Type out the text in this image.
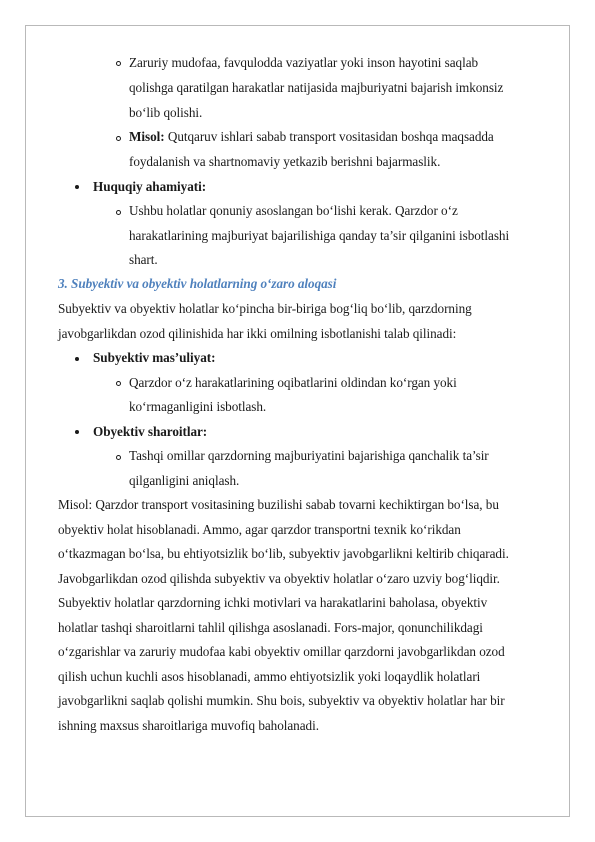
Zaruriy mudofaa, favqulodda vaziyatlar yoki inson hayotini saqlab
qolishga qaratilgan harakatlar natijasida majburiyatni bajarish imkonsiz
bo‘lib qolishi.
Misol: Qutqaruv ishlari sabab transport vositasidan boshqa maqsadda
foydalanish va shartnomaviy yetkazib berishni bajarmaslik.
Huquqiy ahamiyati:
Ushbu holatlar qonuniy asoslangan bo‘lishi kerak. Qarzdor o‘z
harakatlarining majburiyat bajarilishiga qanday ta’sir qilganini isbotlashi
shart.
3. Subyektiv va obyektiv holatlarning o‘zaro aloqasi
Subyektiv va obyektiv holatlar ko‘pincha bir-biriga bog‘liq bo‘lib, qarzdorning
javobgarlikdan ozod qilinishida har ikki omilning isbotlanishi talab qilinadi:
Subyektiv mas’uliyat:
Qarzdor o‘z harakatlarining oqibatlarini oldindan ko‘rgan yoki
ko‘rmaganligini isbotlash.
Obyektiv sharoitlar:
Tashqi omillar qarzdorning majburiyatini bajarishiga qanchalik ta’sir
qilganligini aniqlash.
Misol: Qarzdor transport vositasining buzilishi sabab tovarni kechiktirgan bo‘lsa, bu
obyektiv holat hisoblanadi. Ammo, agar qarzdor transportni texnik ko‘rikdan
o‘tkazmagan bo‘lsa, bu ehtiyotsizlik bo‘lib, subyektiv javobgarlikni keltirib chiqaradi.
Javobgarlikdan ozod qilishda subyektiv va obyektiv holatlar o‘zaro uzviy bog‘liqdir.
Subyektiv holatlar qarzdorning ichki motivlari va harakatlarini baholasa, obyektiv
holatlar tashqi sharoitlarni tahlil qilishga asoslanadi. Fors-major, qonunchilikdagi
o‘zgarishlar va zaruriy mudofaa kabi obyektiv omillar qarzdorni javobgarlikdan ozod
qilish uchun kuchli asos hisoblanadi, ammo ehtiyotsizlik yoki loqaydlik holatlari
javobgarlikni saqlab qolishi mumkin. Shu bois, subyektiv va obyektiv holatlar har bir
ishning maxsus sharoitlariga muvofiq baholanadi.
